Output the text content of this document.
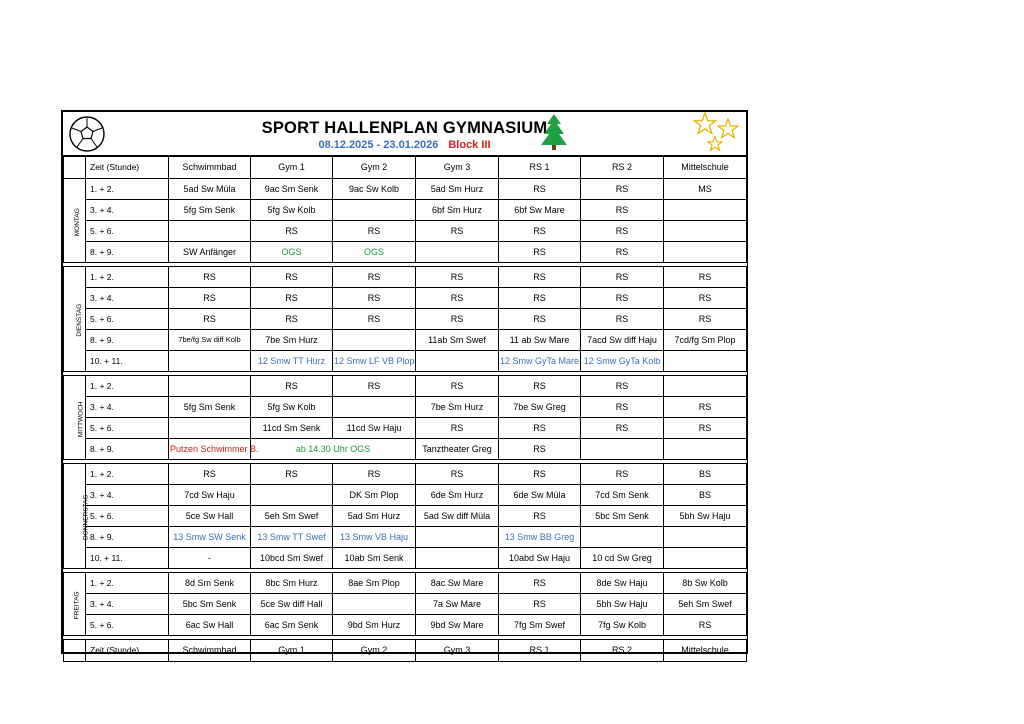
SPORT HALLENPLAN GYMNASIUM
08.12.2025 - 23.01.2026 Block III
	Zeit (Stunde)	Schwimmbad	Gym 1	Gym 2	Gym 3	RS 1	RS 2	Mittelschule
MONTAG	1. + 2.	5ad Sw Müla	9ac Sm Senk	9ac Sw Kolb	5ad Sm Hurz	RS	RS	MS
	3. + 4.	5fg Sm Senk	5fg Sw Kolb		6bf Sm Hurz	6bf Sw Mare	RS	
	5. + 6.		RS	RS	RS	RS	RS	
	8. + 9.	SW Anfänger	OGS	OGS		RS	RS	

DIENSTAG	1. + 2.	RS	RS	RS	RS	RS	RS	RS
	3. + 4.	RS	RS	RS	RS	RS	RS	RS
	5. + 6.	RS	RS	RS	RS	RS	RS	RS
	8. + 9.	7be/fg Sw diff Kolb	7be Sm Hurz		11ab Sm Swef	11 ab Sw Mare	7acd Sw diff Haju	7cd/fg Sm Plop
	10. + 11.		12 Smw TT Hurz	12 Smw LF VB Plop		12 Smw GyTa Mare	12 Smw GyTa Kolb	

MITTWOCH	1. + 2.		RS	RS	RS	RS	RS	
	3. + 4.	5fg Sm Senk	5fg Sw Kolb		7be Sm Hurz	7be Sw Greg	RS	RS
	5. + 6.		11cd Sm Senk	11cd Sw Haju	RS	RS	RS	RS
	8. + 9.	Putzen Schwimmer B.	ab 14.30 Uhr OGS		Tanztheater Greg	RS		

DONNERSTAG	1. + 2.	RS	RS	RS	RS	RS	RS	BS
	3. + 4.	7cd Sw Haju		DK Sm Plop	6de Sm Hurz	6de Sw Müla	7cd Sm Senk	BS
	5. + 6.	5ce Sw Hall	5eh Sm Swef	5ad Sm Hurz	5ad Sw diff Müla	RS	5bc Sm Senk	5bh Sw Haju
	8. + 9.	13 Smw SW Senk	13 Smw TT Swef	13 Smw VB Haju		13 Smw BB Greg		
	10. + 11.	-	10bcd Sm Swef	10ab Sm Senk		10abd Sw Haju	10 cd Sw Greg	

FREITAG	1. + 2.	8d Sm Senk	8bc Sm Hurz	8ae Sm Plop	8ac Sw Mare	RS	8de Sw Haju	8b Sw Kolb
	3. + 4.	5bc Sm Senk	5ce Sw diff Hall		7a Sw Mare	RS	5bh Sw Haju	5eh Sm Swef
	5. + 6.	6ac Sw Hall	6ac Sm Senk	9bd Sm Hurz	9bd Sw Mare	7fg Sm Swef	7fg Sw Kolb	RS

	Zeit (Stunde)	Schwimmbad	Gym 1	Gym 2	Gym 3	RS 1	RS 2	Mittelschule
